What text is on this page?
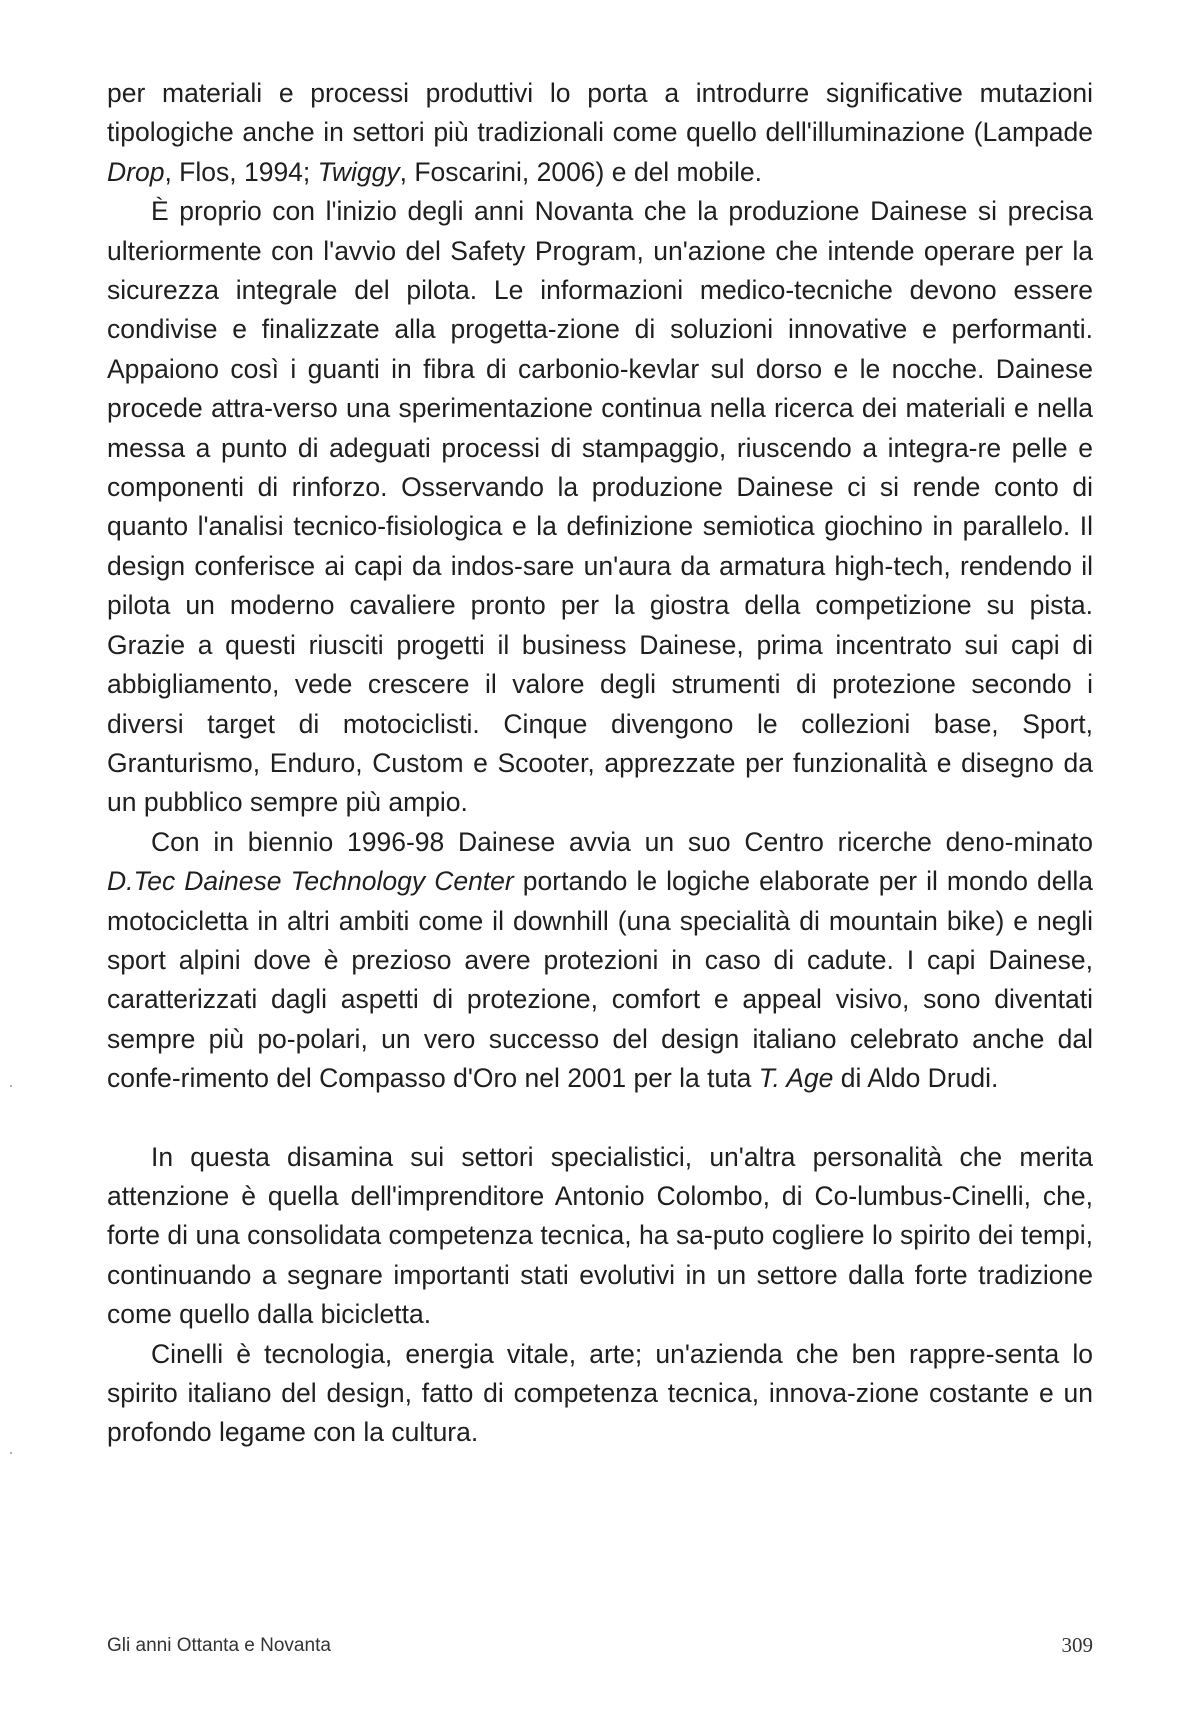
per materiali e processi produttivi lo porta a introdurre significative mutazioni tipologiche anche in settori più tradizionali come quello dell'illuminazione (Lampade Drop, Flos, 1994; Twiggy, Foscarini, 2006) e del mobile.

È proprio con l'inizio degli anni Novanta che la produzione Dainese si precisa ulteriormente con l'avvio del Safety Program, un'azione che intende operare per la sicurezza integrale del pilota. Le informazioni medico-tecniche devono essere condivise e finalizzate alla progetta-zione di soluzioni innovative e performanti. Appaiono così i guanti in fibra di carbonio-kevlar sul dorso e le nocche. Dainese procede attra-verso una sperimentazione continua nella ricerca dei materiali e nella messa a punto di adeguati processi di stampaggio, riuscendo a integra-re pelle e componenti di rinforzo. Osservando la produzione Dainese ci si rende conto di quanto l'analisi tecnico-fisiologica e la definizione semiotica giochino in parallelo. Il design conferisce ai capi da indos-sare un'aura da armatura high-tech, rendendo il pilota un moderno cavaliere pronto per la giostra della competizione su pista. Grazie a questi riusciti progetti il business Dainese, prima incentrato sui capi di abbigliamento, vede crescere il valore degli strumenti di protezione secondo i diversi target di motociclisti. Cinque divengono le collezioni base, Sport, Granturismo, Enduro, Custom e Scooter, apprezzate per funzionalità e disegno da un pubblico sempre più ampio.

Con in biennio 1996-98 Dainese avvia un suo Centro ricerche deno-minato D.Tec Dainese Technology Center portando le logiche elaborate per il mondo della motocicletta in altri ambiti come il downhill (una specialità di mountain bike) e negli sport alpini dove è prezioso avere protezioni in caso di cadute. I capi Dainese, caratterizzati dagli aspetti di protezione, comfort e appeal visivo, sono diventati sempre più po-polari, un vero successo del design italiano celebrato anche dal confe-rimento del Compasso d'Oro nel 2001 per la tuta T. Age di Aldo Drudi.

In questa disamina sui settori specialistici, un'altra personalità che merita attenzione è quella dell'imprenditore Antonio Colombo, di Co-lumbus-Cinelli, che, forte di una consolidata competenza tecnica, ha sa-puto cogliere lo spirito dei tempi, continuando a segnare importanti stati evolutivi in un settore dalla forte tradizione come quello dalla bicicletta.

Cinelli è tecnologia, energia vitale, arte; un'azienda che ben rappre-senta lo spirito italiano del design, fatto di competenza tecnica, innova-zione costante e un profondo legame con la cultura.

Gli anni Ottanta e Novanta	309
